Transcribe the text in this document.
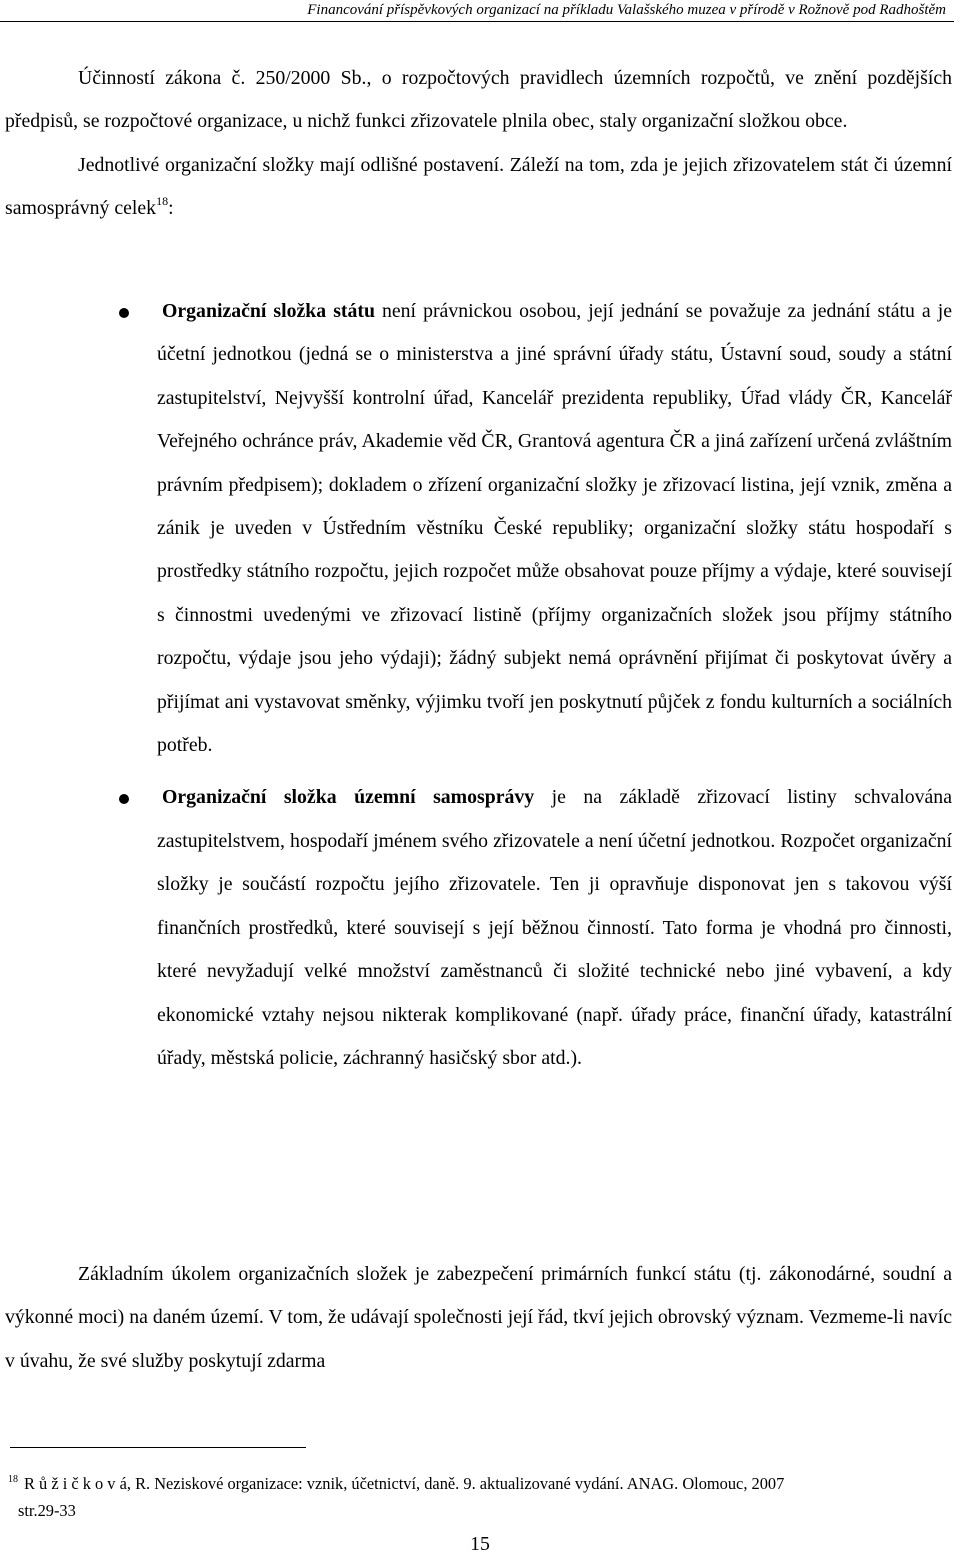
Financování příspěvkových organizací na příkladu Valašského muzea v přírodě v Rožnově pod Radhoštěm

Účinností zákona č. 250/2000 Sb., o rozpočtových pravidlech územních rozpočtů, ve znění pozdějších předpisů, se rozpočtové organizace, u nichž funkci zřizovatele plnila obec, staly organizační složkou obce.

Jednotlivé organizační složky mají odlišné postavení. Záleží na tom, zda je jejich zřizovatelem stát či územní samosprávný celek$^{18}$:

Organizační složka státu není právnickou osobou, její jednání se považuje za jednání státu a je účetní jednotkou (jedná se o ministerstva a jiné správní úřady státu, Ústavní soud, soudy a státní zastupitelství, Nejvyšší kontrolní úřad, Kancelář prezidenta republiky, Úřad vlády ČR, Kancelář Veřejného ochránce práv, Akademie věd ČR, Grantová agentura ČR a jiná zařízení určená zvláštním právním předpisem); dokladem o zřízení organizační složky je zřizovací listina, její vznik, změna a zánik je uveden v Ústředním věstníku České republiky; organizační složky státu hospodaří s prostředky státního rozpočtu, jejich rozpočet může obsahovat pouze příjmy a výdaje, které souvisejí s činnostmi uvedenými ve zřizovací listině (příjmy organizačních složek jsou příjmy státního rozpočtu, výdaje jsou jeho výdaji); žádný subjekt nemá oprávnění přijímat či poskytovat úvěry a přijímat ani vystavovat směnky, výjimku tvoří jen poskytnutí půjček z fondu kulturních a sociálních potřeb.

Organizační složka územní samosprávy je na základě zřizovací listiny schvalována zastupitelstvem, hospodaří jménem svého zřizovatele a není účetní jednotkou. Rozpočet organizační složky je součástí rozpočtu jejího zřizovatele. Ten ji opravňuje disponovat jen s takovou výší finančních prostředků, které souvisejí s její běžnou činností. Tato forma je vhodná pro činnosti, které nevyžadují velké množství zaměstnanců či složité technické nebo jiné vybavení, a kdy ekonomické vztahy nejsou nikterak komplikované (např. úřady práce, finanční úřady, katastrální úřady, městská policie, záchranný hasičský sbor atd.).

Základním úkolem organizačních složek je zabezpečení primárních funkcí státu (tj. zákonodárné, soudní a výkonné moci) na daném území. V tom, že udávají společnosti její řád, tkví jejich obrovský význam. Vezmeme-li navíc v úvahu, že své služby poskytují zdarma

$^{18}$ R ů ž i č k o v á, R. Neziskové organizace: vznik, účetnictví, daně. 9. aktualizované vydání. ANAG. Olomouc, 2007
str.29-33
15
